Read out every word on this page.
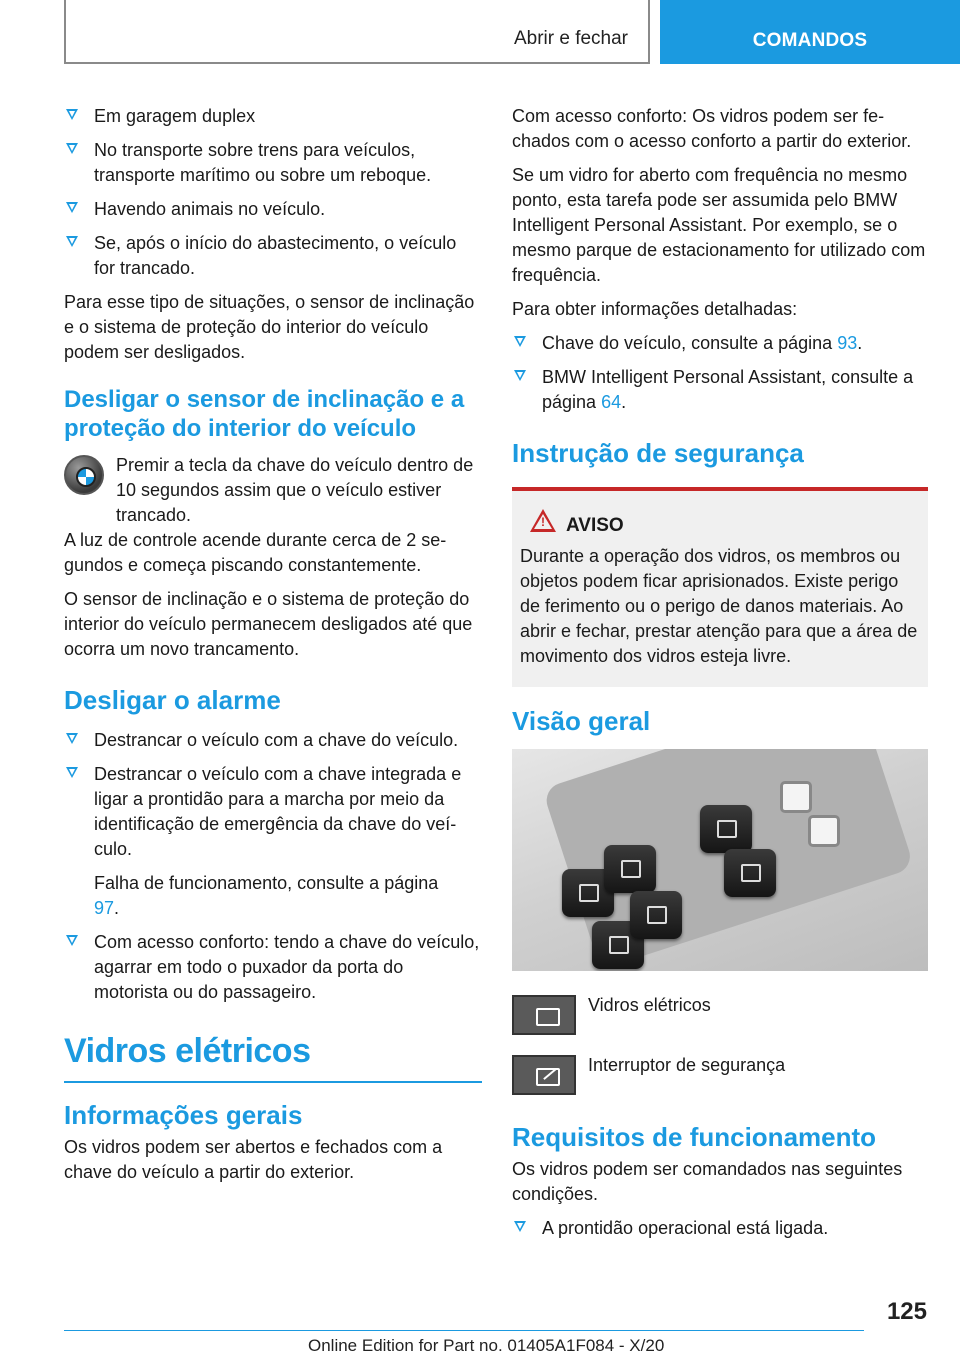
Abrir e fechar	COMANDOS
Em garagem duplex
No transporte sobre trens para veículos, transporte marítimo ou sobre um reboque.
Havendo animais no veículo.
Se, após o início do abastecimento, o veículo for trancado.

Para esse tipo de situações, o sensor de inclinação e o sistema de proteção do interior do veículo podem ser desligados.

Desligar o sensor de inclinação e a proteção do interior do veículo
Premir a tecla da chave do veículo dentro de 10 segundos assim que o veículo estiver trancado.

A luz de controle acende durante cerca de 2 segundos e começa piscando constantemente.

O sensor de inclinação e o sistema de proteção do interior do veículo permanecem desligados até que ocorra um novo trancamento.

Desligar o alarme
Destrancar o veículo com a chave do veículo.
Destrancar o veículo com a chave integrada e ligar a prontidão para a marcha por meio da identificação de emergência da chave do veículo.
Falha de funcionamento, consulte a página
97.
Com acesso conforto: tendo a chave do veículo, agarrar em todo o puxador da porta do motorista ou do passageiro.
Vidros elétricos
Informações gerais

Os vidros podem ser abertos e fechados com a chave do veículo a partir do exterior.

Com acesso conforto: Os vidros podem ser fechados com o acesso conforto a partir do exterior.

Se um vidro for aberto com frequência no mesmo ponto, esta tarefa pode ser assumida pelo BMW Intelligent Personal Assistant. Por exemplo, se o mesmo parque de estacionamento for utilizado com frequência.

Para obter informações detalhadas:

Chave do veículo, consulte a página 93.
BMW Intelligent Personal Assistant, consulte a página 64.
Instrução de segurança
! AVISO
Durante a operação dos vidros, os membros ou objetos podem ficar aprisionados. Existe perigo de ferimento ou o perigo de danos materiais. Ao abrir e fechar, prestar atenção para que a área de movimento dos vidros esteja livre.
Visão geral
Vidros elétricos
Interruptor de segurança
Requisitos de funcionamento

Os vidros podem ser comandados nas seguintes condições.

A prontidão operacional está ligada.
125
Online Edition for Part no. 01405A1F084 - X/20
